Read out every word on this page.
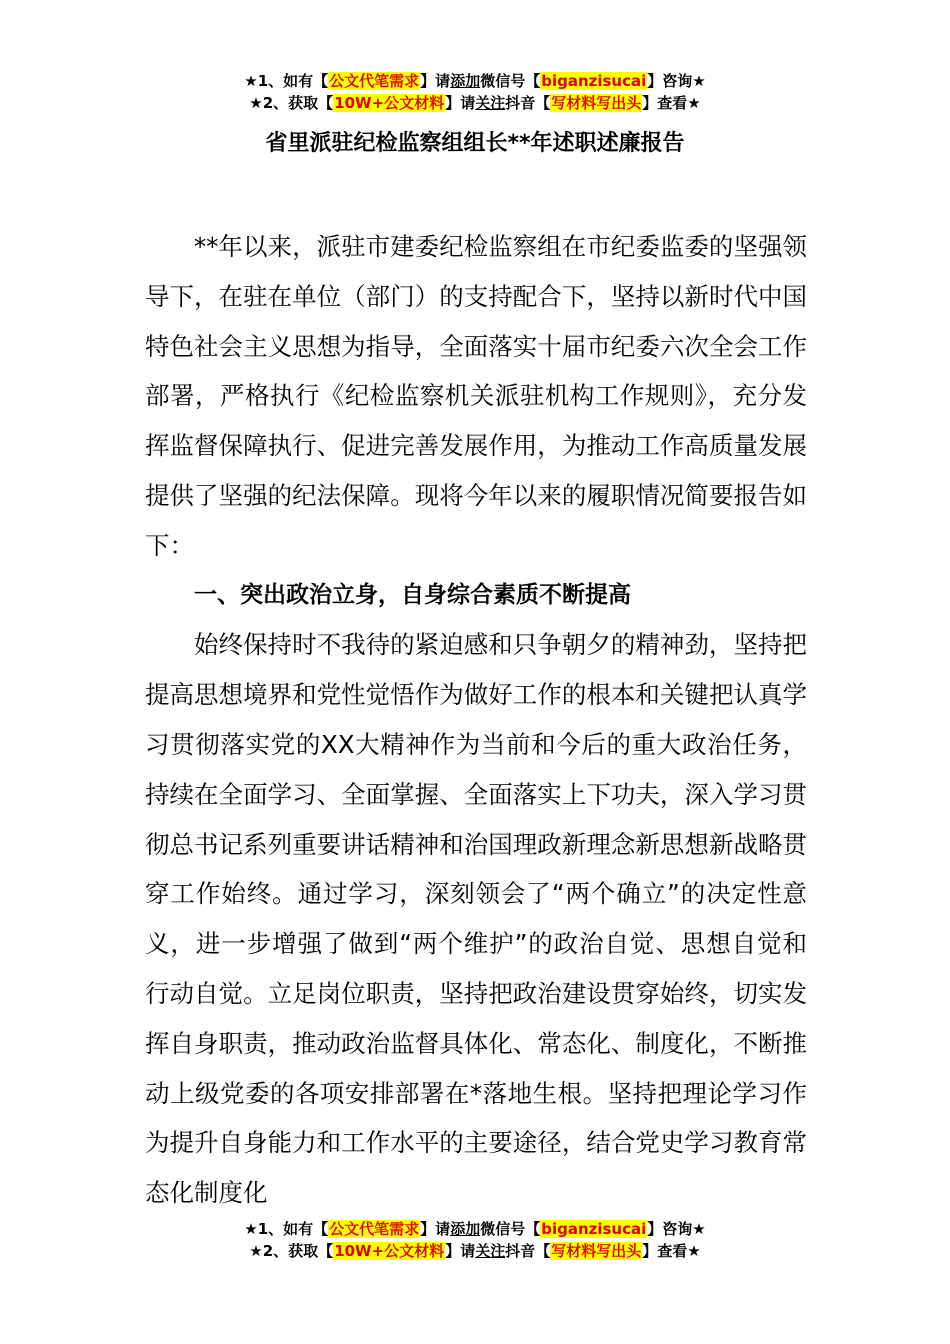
★1、如有【公文代笔需求】请添加微信号【biganzisucai】咨询★
★2、获取【10W+公文材料】请关注抖音【写材料写出头】查看★
省里派驻纪检监察组组长**年述职述廉报告

**年以来，派驻市建委纪检监察组在市纪委监委的坚强领导下，在驻在单位（部门）的支持配合下，坚持以新时代中国特色社会主义思想为指导，全面落实十届市纪委六次全会工作部署，严格执行《纪检监察机关派驻机构工作规则》，充分发挥监督保障执行、促进完善发展作用，为推动工作高质量发展提供了坚强的纪法保障。现将今年以来的履职情况简要报告如下：

一、突出政治立身，自身综合素质不断提高

始终保持时不我待的紧迫感和只争朝夕的精神劲，坚持把提高思想境界和党性觉悟作为做好工作的根本和关键把认真学习贯彻落实党的XX大精神作为当前和今后的重大政治任务，持续在全面学习、全面掌握、全面落实上下功夫，深入学习贯彻总书记系列重要讲话精神和治国理政新理念新思想新战略贯穿工作始终。通过学习，深刻领会了“两个确立”的决定性意义，进一步增强了做到“两个维护”的政治自觉、思想自觉和行动自觉。立足岗位职责，坚持把政治建设贯穿始终，切实发挥自身职责，推动政治监督具体化、常态化、制度化，不断推动上级党委的各项安排部署在*落地生根。坚持把理论学习作为提升自身能力和工作水平的主要途径，结合党史学习教育常态化制度化

★1、如有【公文代笔需求】请添加微信号【biganzisucai】咨询★
★2、获取【10W+公文材料】请关注抖音【写材料写出头】查看★
